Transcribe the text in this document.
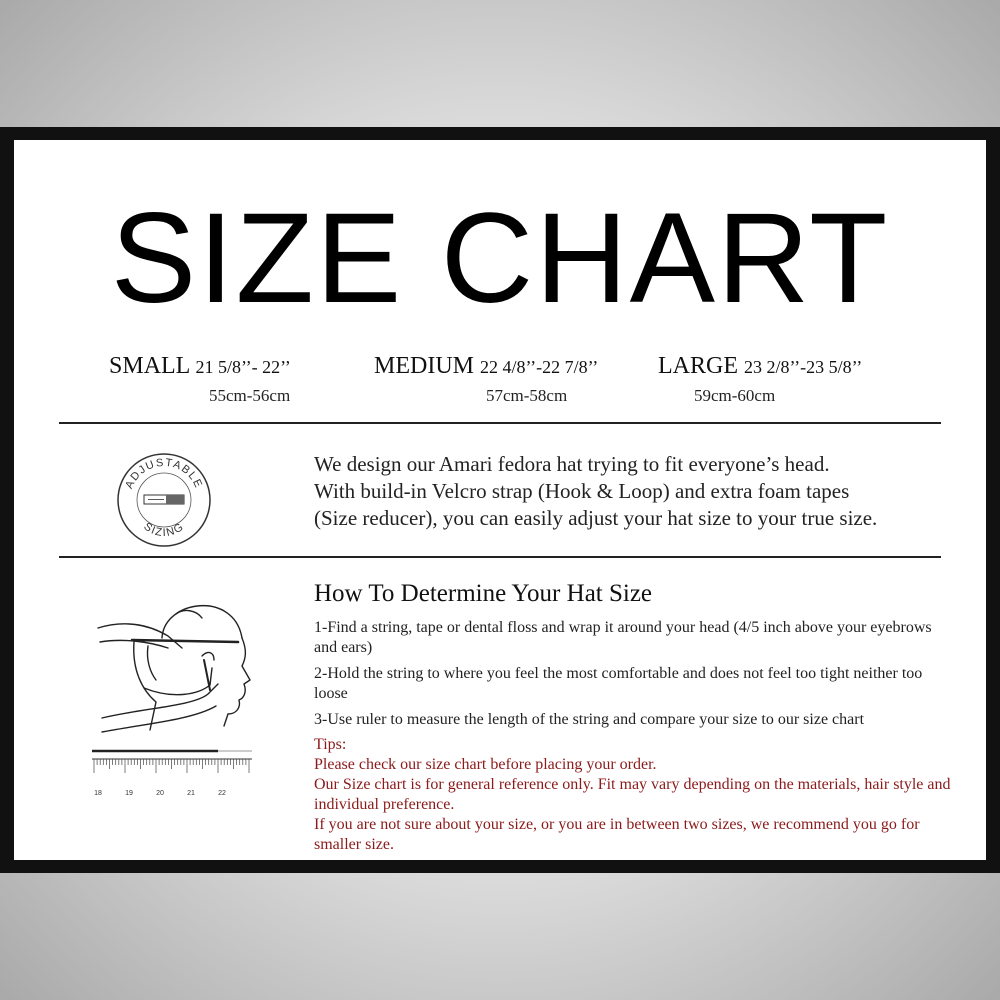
SIZE CHART
SMALL 21 5/8’’- 22’’
55cm-56cm
MEDIUM 22 4/8’’-22 7/8’’
57cm-58cm
LARGE 23 2/8’’-23 5/8’’
59cm-60cm
ADJUSTABLE
SIZING
We design our Amari fedora hat trying to fit everyone’s head.
With build-in Velcro strap (Hook & Loop) and extra foam tapes
(Size reducer), you can easily adjust your hat size to your true size.
18	19	20	21	22
How To Determine Your Hat Size

1-Find a string, tape or dental floss and wrap it around your head (4/5 inch above your eyebrows and ears)

2-Hold the string to where you feel the most comfortable and does not feel too tight neither too loose

3-Use ruler to measure the length of the string and compare your size to our size chart

Tips:

Please check our size chart before placing your order.

Our Size chart is for general reference only. Fit may vary depending on the materials, hair style and individual preference.

If you are not sure about your size, or you are in between two sizes, we recommend you go for smaller size.
